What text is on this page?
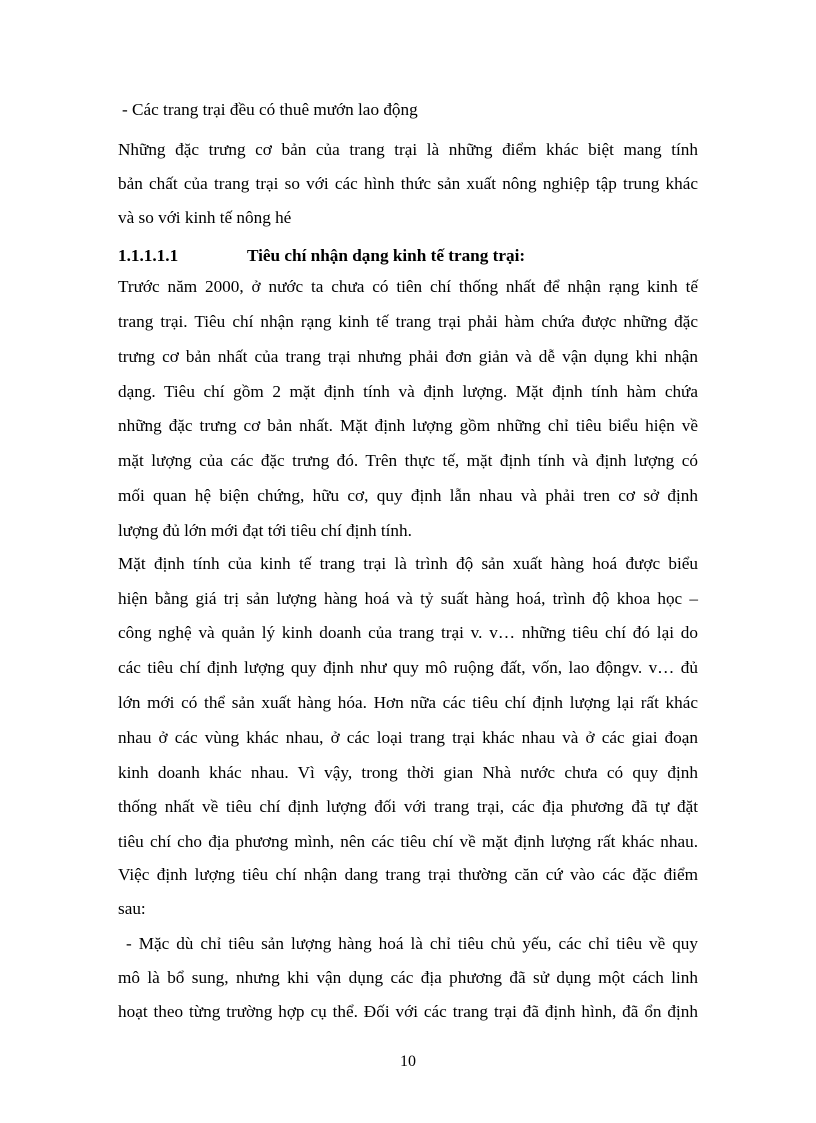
- Các trang trại đều có thuê mướn lao động
Những đặc trưng cơ bản của trang trại là những điểm khác biệt mang tính
bản chất của trang trại so với các hình thức sản xuất nông nghiệp tập trung khác
và so với kinh tế nông hé
1.1.1.1.1	Tiêu chí nhận dạng kinh tế trang trại:
Trước năm 2000, ở nước ta chưa có tiên chí thống nhất để nhận rạng kinh tế
trang trại. Tiêu chí nhận rạng kinh tế trang trại phải hàm chứa được những đặc
trưng cơ bản nhất của trang trại nhưng phải đơn giản và dễ vận dụng khi nhận
dạng. Tiêu chí gồm 2 mặt định tính và định lượng. Mặt định tính hàm chứa
những đặc trưng cơ bản nhất. Mặt định lượng gồm những chỉ tiêu biểu hiện về
mặt lượng của các đặc trưng đó. Trên thực tế, mặt định tính và định lượng có
mối quan hệ biện chứng, hữu cơ, quy định lẫn nhau và phải tren cơ sở định
lượng đủ lớn mới đạt tới tiêu chí định tính.
Mặt định tính của kinh tế trang trại là trình độ sản xuất hàng hoá được biểu
hiện bằng giá trị sản lượng hàng hoá và tỷ suất hàng hoá, trình độ khoa học –
công nghệ và quản lý kinh doanh của trang trại v. v… những tiêu chí đó lại do
các tiêu chí định lượng quy định như quy mô ruộng đất, vốn, lao độngv. v… đủ
lớn mới có thể sản xuất hàng hóa. Hơn nữa các tiêu chí định lượng lại rất khác
nhau ở các vùng khác nhau, ở các loại trang trại khác nhau và ở các giai đoạn
kinh doanh khác nhau. Vì vậy, trong thời gian Nhà nước chưa có quy định
thống nhất về tiêu chí định lượng đối với trang trại, các địa phương đã tự đặt
tiêu chí cho địa phương mình, nên các tiêu chí về mặt định lượng rất khác nhau.
Việc định lượng tiêu chí nhận dang trang trại thường căn cứ vào các đặc điểm
sau:
- Mặc dù chỉ tiêu sản lượng hàng hoá là chỉ tiêu chủ yếu, các chỉ tiêu về quy
mô là bổ sung, nhưng khi vận dụng các địa phương đã sử dụng một cách linh
hoạt theo từng trường hợp cụ thể. Đối với các trang trại đã định hình, đã ổn định
10
